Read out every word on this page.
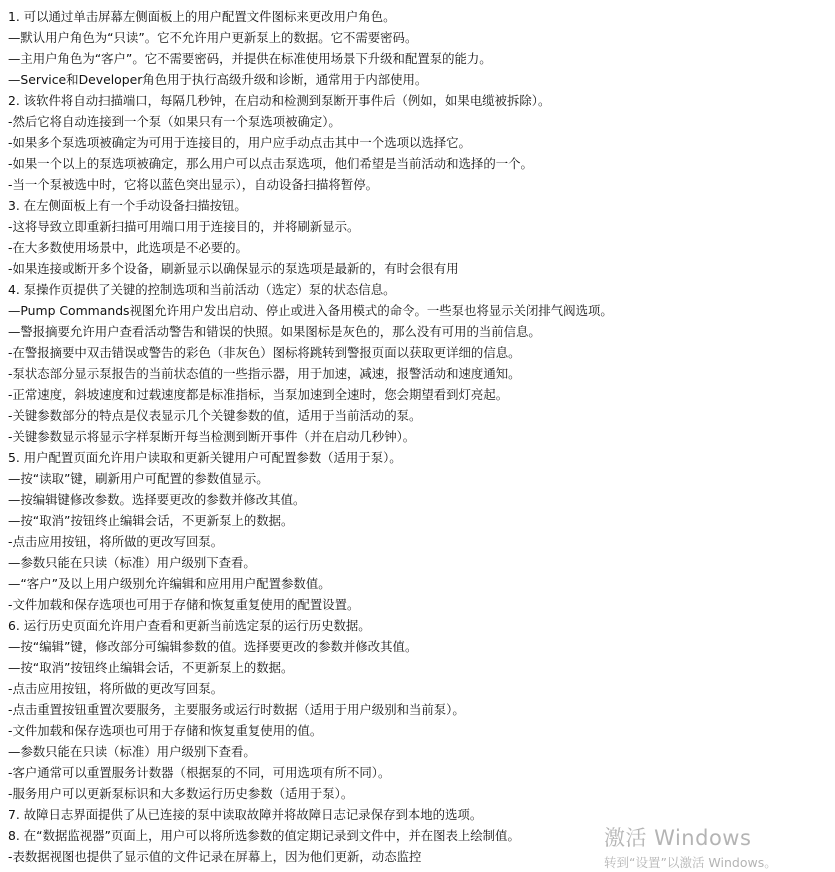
1. 可以通过单击屏幕左侧面板上的用户配置文件图标来更改用户角色。
—默认用户角色为“只读”。它不允许用户更新泵上的数据。它不需要密码。
—主用户角色为“客户”。它不需要密码，并提供在标准使用场景下升级和配置泵的能力。
—Service和Developer角色用于执行高级升级和诊断，通常用于内部使用。
2. 该软件将自动扫描端口，每隔几秒钟，在启动和检测到泵断开事件后（例如，如果电缆被拆除）。
-然后它将自动连接到一个泵（如果只有一个泵选项被确定）。
-如果多个泵选项被确定为可用于连接目的，用户应手动点击其中一个选项以选择它。
-如果一个以上的泵选项被确定，那么用户可以点击泵选项，他们希望是当前活动和选择的一个。
-当一个泵被选中时，它将以蓝色突出显示），自动设备扫描将暂停。
3. 在左侧面板上有一个手动设备扫描按钮。
-这将导致立即重新扫描可用端口用于连接目的，并将刷新显示。
-在大多数使用场景中，此选项是不必要的。
-如果连接或断开多个设备，刷新显示以确保显示的泵选项是最新的，有时会很有用
4. 泵操作页提供了关键的控制选项和当前活动（选定）泵的状态信息。
—Pump Commands视图允许用户发出启动、停止或进入备用模式的命令。一些泵也将显示关闭排气阀选项。
—警报摘要允许用户查看活动警告和错误的快照。如果图标是灰色的，那么没有可用的当前信息。
-在警报摘要中双击错误或警告的彩色（非灰色）图标将跳转到警报页面以获取更详细的信息。
-泵状态部分显示泵报告的当前状态值的一些指示器，用于加速，减速，报警活动和速度通知。
-正常速度，斜坡速度和过载速度都是标准指标，当泵加速到全速时，您会期望看到灯亮起。
-关键参数部分的特点是仪表显示几个关键参数的值，适用于当前活动的泵。
-关键参数显示将显示字样泵断开每当检测到断开事件（并在启动几秒钟）。
5. 用户配置页面允许用户读取和更新关键用户可配置参数（适用于泵）。
—按“读取”键，刷新用户可配置的参数值显示。
—按编辑键修改参数。选择要更改的参数并修改其值。
—按“取消”按钮终止编辑会话，不更新泵上的数据。
-点击应用按钮，将所做的更改写回泵。
—参数只能在只读（标准）用户级别下查看。
—“客户”及以上用户级别允许编辑和应用用户配置参数值。
-文件加载和保存选项也可用于存储和恢复重复使用的配置设置。
6. 运行历史页面允许用户查看和更新当前选定泵的运行历史数据。
—按“编辑”键，修改部分可编辑参数的值。选择要更改的参数并修改其值。
—按“取消”按钮终止编辑会话，不更新泵上的数据。
-点击应用按钮，将所做的更改写回泵。
-点击重置按钮重置次要服务，主要服务或运行时数据（适用于用户级别和当前泵）。
-文件加载和保存选项也可用于存储和恢复重复使用的值。
—参数只能在只读（标准）用户级别下查看。
-客户通常可以重置服务计数器（根据泵的不同，可用选项有所不同）。
-服务用户可以更新泵标识和大多数运行历史参数（适用于泵）。
7. 故障日志界面提供了从已连接的泵中读取故障并将故障日志记录保存到本地的选项。
8. 在“数据监视器”页面上，用户可以将所选参数的值定期记录到文件中，并在图表上绘制值。
-表数据视图也提供了显示值的文件记录在屏幕上，因为他们更新，动态监控
激活 Windows
转到“设置”以激活 Windows。
